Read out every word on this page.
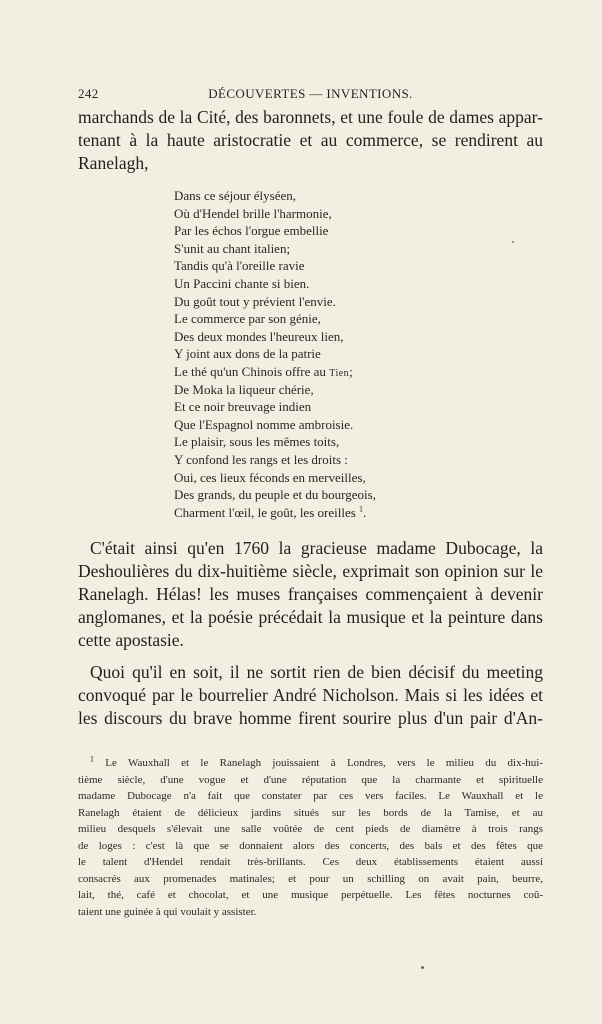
242	DÉCOUVERTES — INVENTIONS.
marchands de la Cité, des baronnets, et une foule de dames appar-
tenant à la haute aristocratie et au commerce, se rendirent au
Ranelagh,
Dans ce séjour élyséen,
Où d'Hendel brille l'harmonie,
Par les échos l'orgue embellie
S'unit au chant italien;
Tandis qu'à l'oreille ravie
Un Paccini chante si bien.
Du goût tout y prévient l'envie.
Le commerce par son génie,
Des deux mondes l'heureux lien,
Y joint aux dons de la patrie
Le thé qu'un Chinois offre au Tien;
De Moka la liqueur chérie,
Et ce noir breuvage indien
Que l'Espagnol nomme ambroisie.
Le plaisir, sous les mêmes toits,
Y confond les rangs et les droits :
Oui, ces lieux féconds en merveilles,
Des grands, du peuple et du bourgeois,
Charment l'œil, le goût, les oreilles $^1$.
C'était ainsi qu'en 1760 la gracieuse madame Dubocage, la
Deshoulières du dix-huitième siècle, exprimait son opinion sur le
Ranelagh. Hélas! les muses françaises commençaient à devenir
anglomanes, et la poésie précédait la musique et la peinture dans
cette apostasie.
Quoi qu'il en soit, il ne sortit rien de bien décisif du meeting
convoqué par le bourrelier André Nicholson. Mais si les idées et
les discours du brave homme firent sourire plus d'un pair d'An-
$^1$ Le Wauxhall et le Ranelagh jouissaient à Londres, vers le milieu du dix-hui-
tième siècle, d'une vogue et d'une réputation que la charmante et spirituelle
madame Dubocage n'a fait que constater par ces vers faciles. Le Wauxhall et le
Ranelagh étaient de délicieux jardins situés sur les bords de la Tamise, et au
milieu desquels s'élevait une salle voûtée de cent pieds de diamètre à trois rangs
de loges : c'est là que se donnaient alors des concerts, des bals et des fêtes que
le talent d'Hendel rendait très-brillants. Ces deux établissements étaient aussi
consacrés aux promenades matinales; et pour un schilling on avait pain, beurre,
lait, thé, café et chocolat, et une musique perpétuelle. Les fêtes nocturnes coû-
taient une guinée à qui voulait y assister.
